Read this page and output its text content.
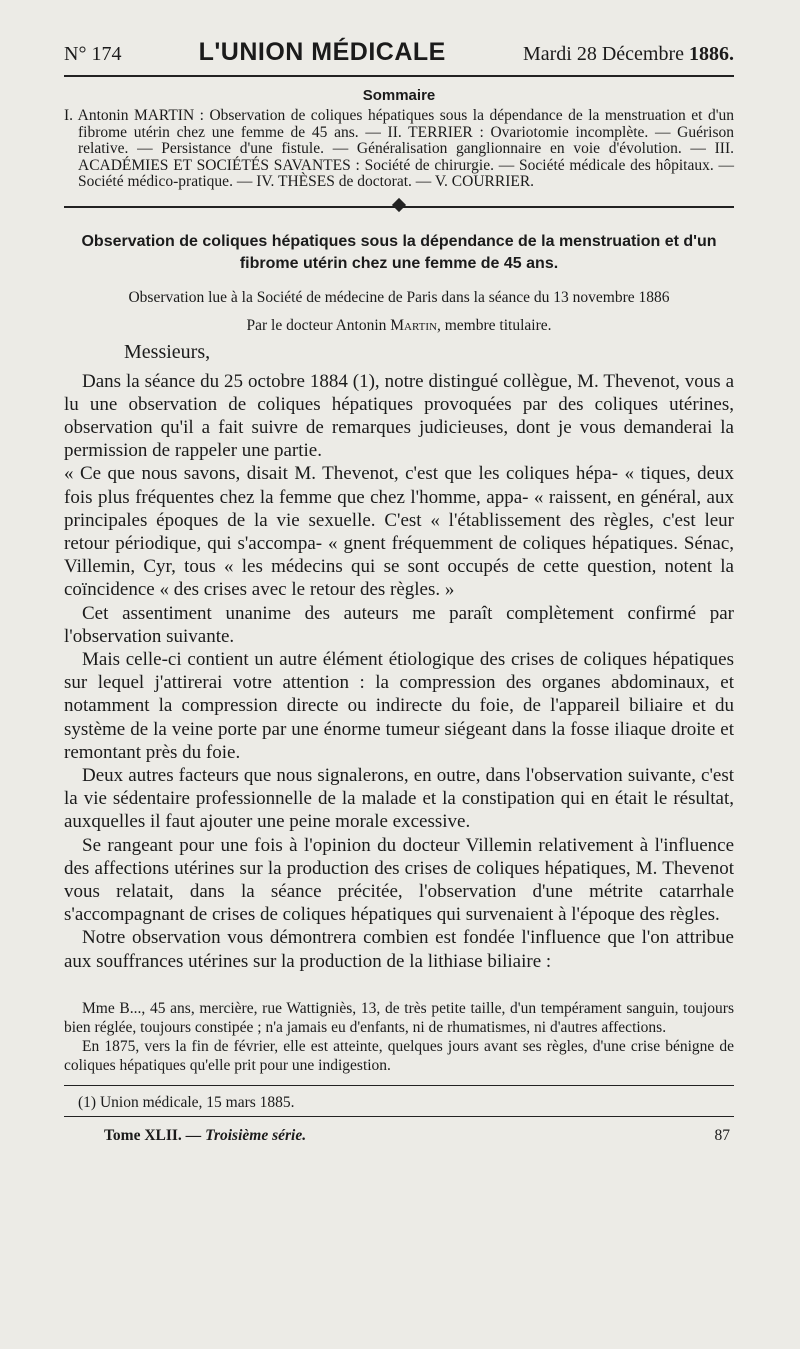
N° 174	L'UNION MÉDICALE	Mardi 28 Décembre 1886.
Sommaire
I. Antonin MARTIN : Observation de coliques hépatiques sous la dépendance de la menstruation et d'un fibrome utérin chez une femme de 45 ans. — II. TERRIER : Ovariotomie incomplète. — Guérison relative. — Persistance d'une fistule. — Généralisation ganglionnaire en voie d'évolution. — III. ACADÉMIES ET SOCIÉTÉS SAVANTES : Société de chirurgie. — Société médicale des hôpitaux. — Société médico-pratique. — IV. THÈSES de doctorat. — V. COURRIER.
Observation de coliques hépatiques sous la dépendance de la menstruation et d'un fibrome utérin chez une femme de 45 ans.
Observation lue à la Société de médecine de Paris dans la séance du 13 novembre 1886
Par le docteur Antonin Martin, membre titulaire.
Messieurs,

Dans la séance du 25 octobre 1884 (1), notre distingué collègue, M. Thevenot, vous a lu une observation de coliques hépatiques provoquées par des coliques utérines, observation qu'il a fait suivre de remarques judicieuses, dont je vous demanderai la permission de rappeler une partie.

« Ce que nous savons, disait M. Thevenot, c'est que les coliques hépa- « tiques, deux fois plus fréquentes chez la femme que chez l'homme, appa- « raissent, en général, aux principales époques de la vie sexuelle. C'est « l'établissement des règles, c'est leur retour périodique, qui s'accompa- « gnent fréquemment de coliques hépatiques. Sénac, Villemin, Cyr, tous « les médecins qui se sont occupés de cette question, notent la coïncidence « des crises avec le retour des règles. »

Cet assentiment unanime des auteurs me paraît complètement confirmé par l'observation suivante.

Mais celle-ci contient un autre élément étiologique des crises de coliques hépatiques sur lequel j'attirerai votre attention : la compression des organes abdominaux, et notamment la compression directe ou indirecte du foie, de l'appareil biliaire et du système de la veine porte par une énorme tumeur siégeant dans la fosse iliaque droite et remontant près du foie.

Deux autres facteurs que nous signalerons, en outre, dans l'observation suivante, c'est la vie sédentaire professionnelle de la malade et la constipation qui en était le résultat, auxquelles il faut ajouter une peine morale excessive.

Se rangeant pour une fois à l'opinion du docteur Villemin relativement à l'influence des affections utérines sur la production des crises de coliques hépatiques, M. Thevenot vous relatait, dans la séance précitée, l'observation d'une métrite catarrhale s'accompagnant de crises de coliques hépatiques qui survenaient à l'époque des règles.

Notre observation vous démontrera combien est fondée l'influence que l'on attribue aux souffrances utérines sur la production de la lithiase biliaire :

Mme B..., 45 ans, mercière, rue Wattigniès, 13, de très petite taille, d'un tempérament sanguin, toujours bien réglée, toujours constipée ; n'a jamais eu d'enfants, ni de rhumatismes, ni d'autres affections.

En 1875, vers la fin de février, elle est atteinte, quelques jours avant ses règles, d'une crise bénigne de coliques hépatiques qu'elle prit pour une indigestion.

(1) Union médicale, 15 mars 1885.
Tome XLII. — Troisième série.	87
